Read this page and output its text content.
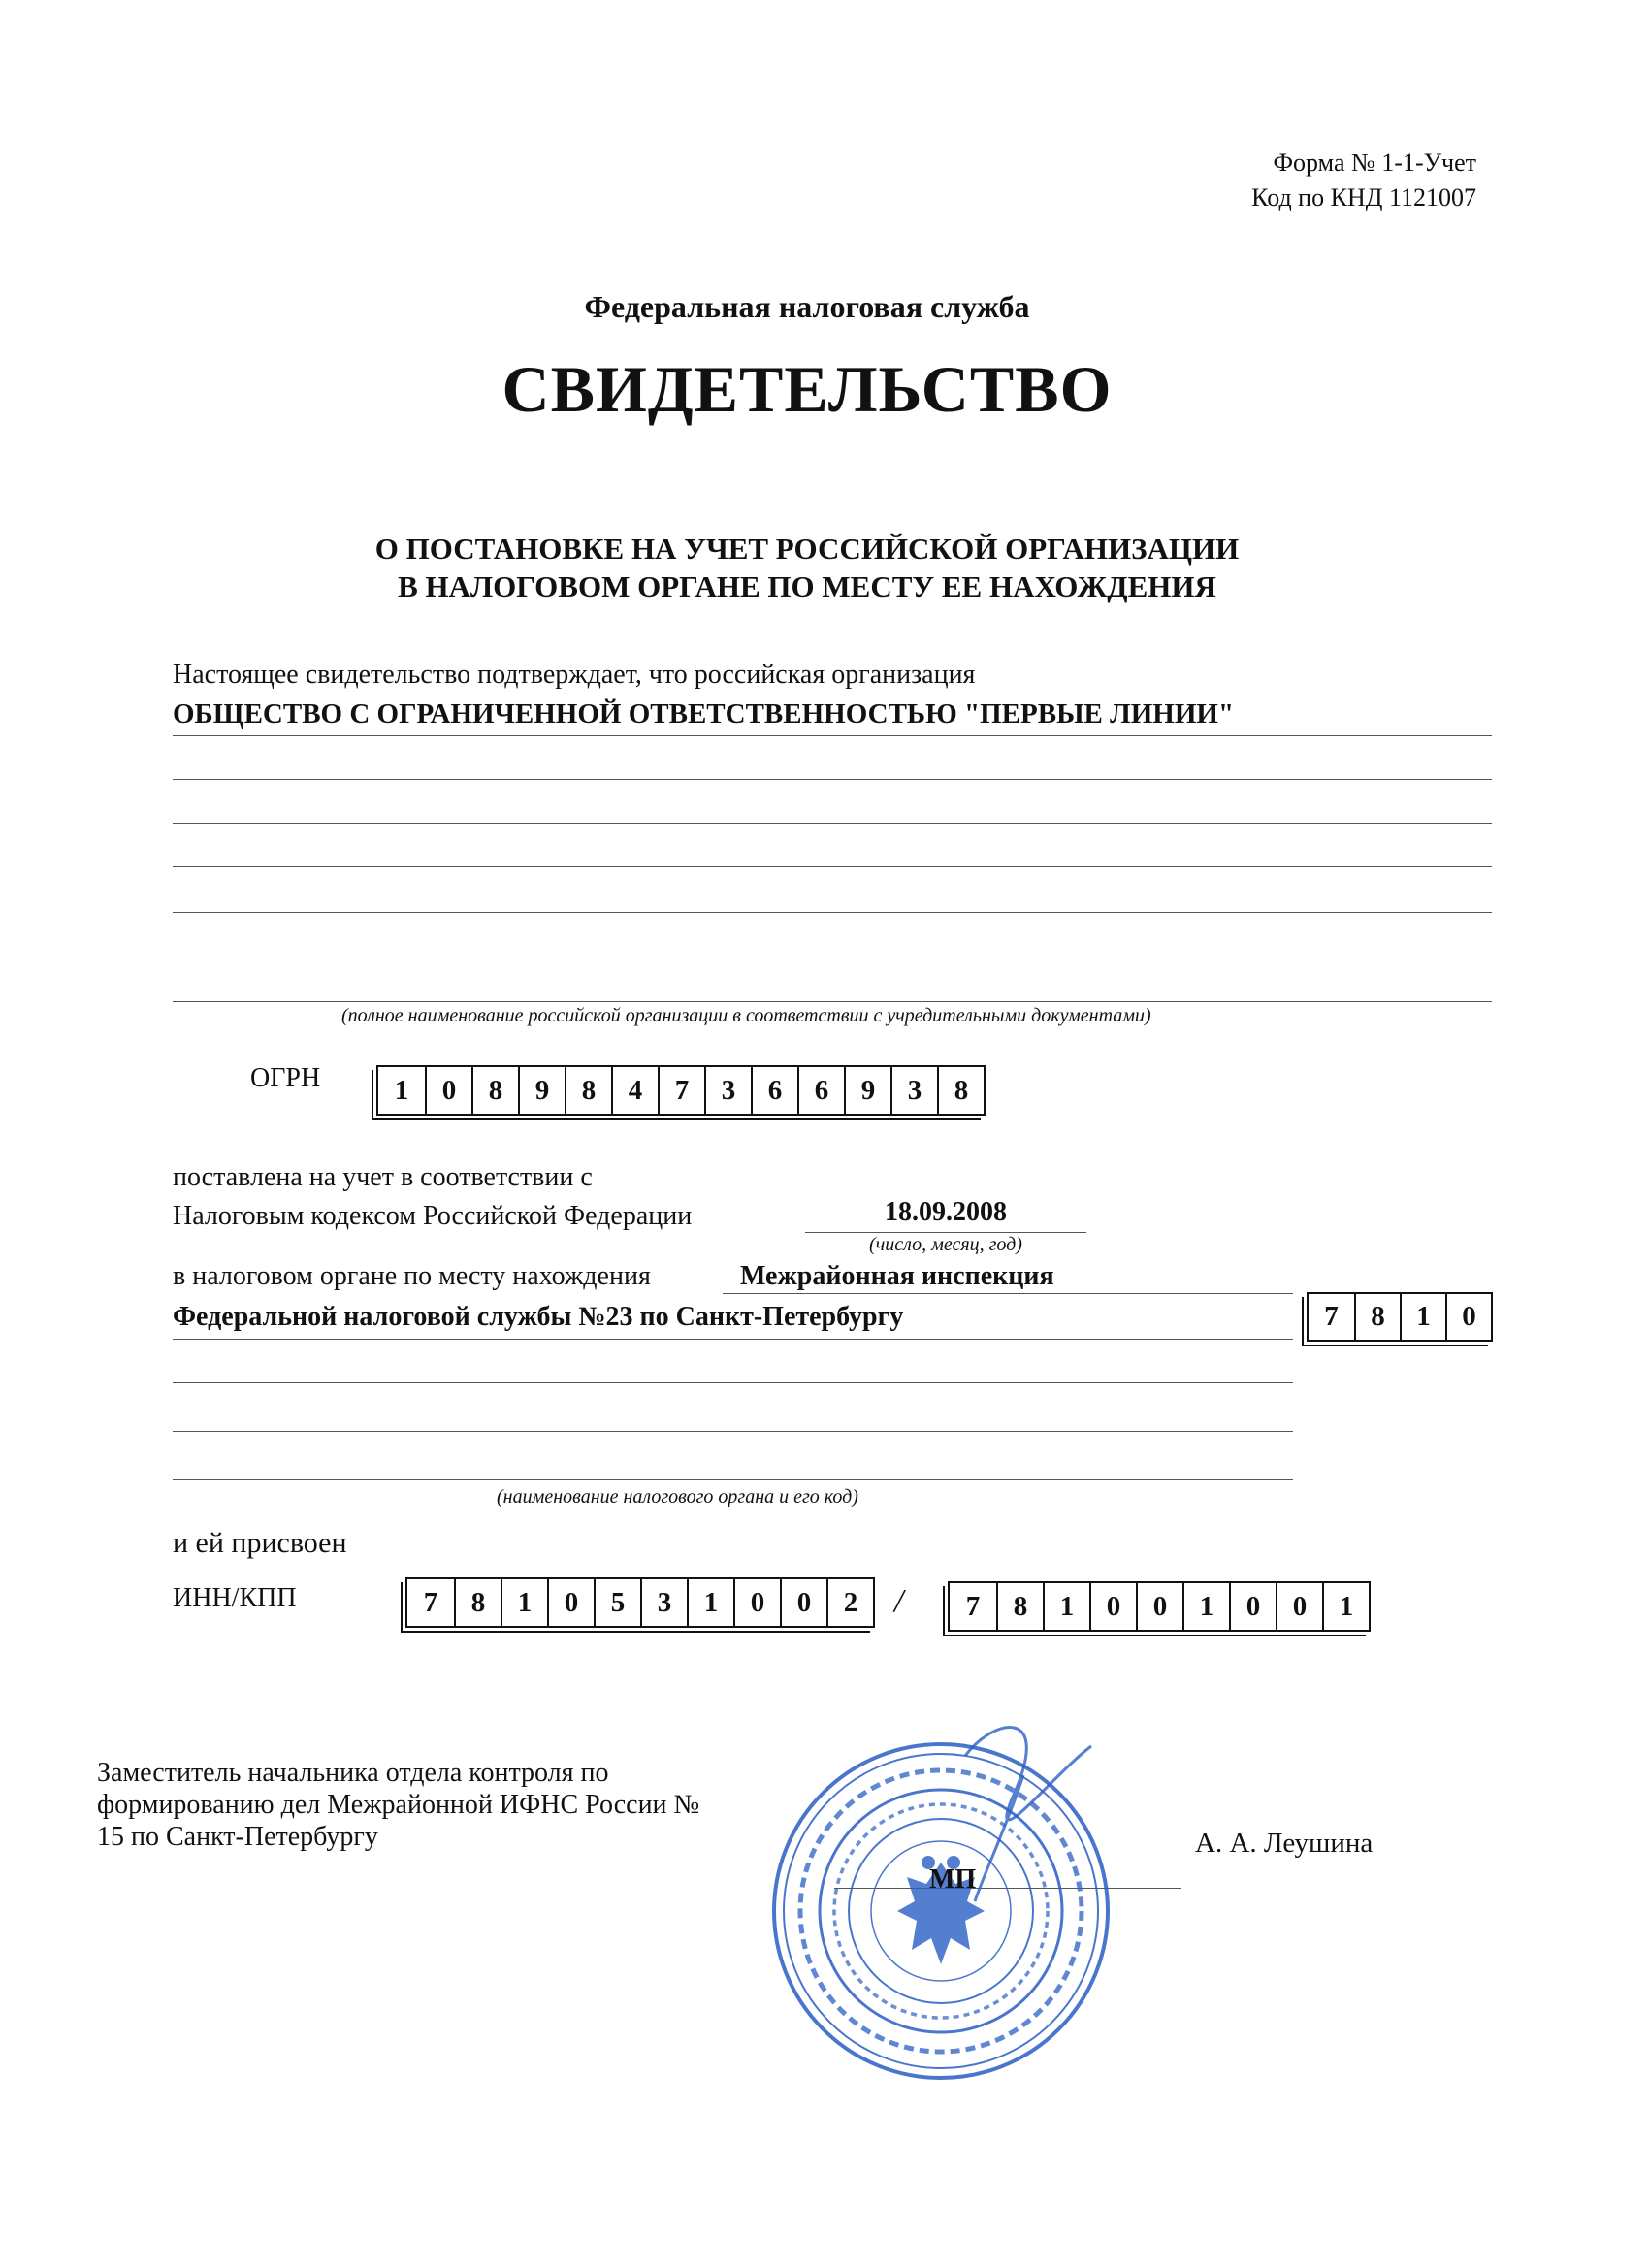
Форма № 1-1-Учет
Код по КНД 1121007
Федеральная налоговая служба
СВИДЕТЕЛЬСТВО
О ПОСТАНОВКЕ НА УЧЕТ РОССИЙСКОЙ ОРГАНИЗАЦИИ
В НАЛОГОВОМ ОРГАНЕ ПО МЕСТУ ЕЕ НАХОЖДЕНИЯ
Настоящее свидетельство подтверждает, что российская организация
ОБЩЕСТВО С ОГРАНИЧЕННОЙ ОТВЕТСТВЕННОСТЬЮ "ПЕРВЫЕ ЛИНИИ"
(полное наименование российской организации в соответствии с учредительными документами)
ОГРН	1	0	8	9	8	4	7	3	6	6	9	3	8
поставлена на учет в соответствии с
Налоговым кодексом Российской Федерации	18.09.2008
(число, месяц, год)
в налоговом органе по месту нахождения	Межрайонная инспекция
Федеральной налоговой службы №23 по Санкт-Петербургу	7	8	1	0
(наименование налогового органа и его код)
и ей присвоен
ИНН/КПП	7	8	1	0	5	3	1	0	0	2	/	7	8	1	0	0	1	0	0	1
Заместитель начальника отдела контроля по
формированию дел Межрайонной ИФНС России №
15 по Санкт-Петербургу	А. А. Леушина
МП
